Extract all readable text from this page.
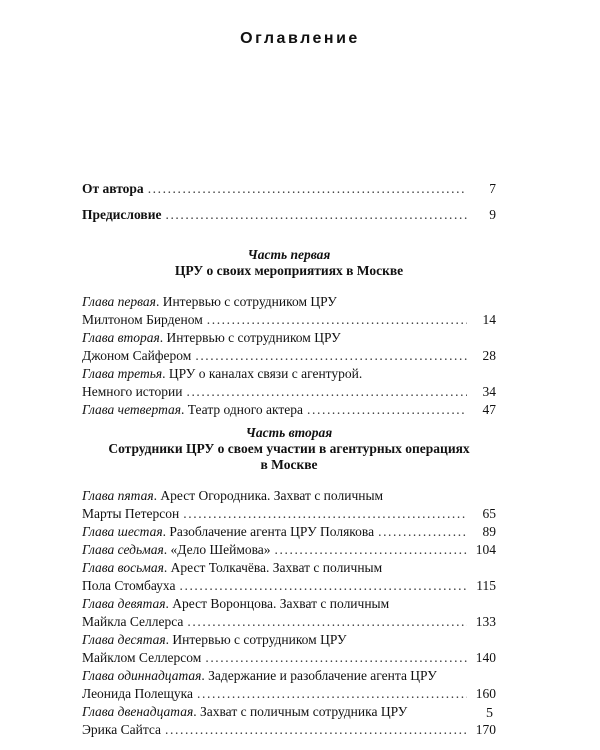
Оглавление
От автора .....	7
Предисловие .....	9
Часть первая
ЦРУ о своих мероприятиях в Москве
Глава первая. Интервью с сотрудником ЦРУ
Милтоном Бирденом .....	14
Глава вторая. Интервью с сотрудником ЦРУ
Джоном Сайфером .....	28
Глава третья. ЦРУ о каналах связи с агентурой.
Немного истории .....	34
Глава четвертая. Театр одного актера .....	47
Часть вторая
Сотрудники ЦРУ о своем участии в агентурных операциях
в Москве
Глава пятая. Арест Огородника. Захват с поличным
Марты Петерсон .....	65
Глава шестая. Разоблачение агента ЦРУ Полякова .....	89
Глава седьмая. «Дело Шеймова» .....	104
Глава восьмая. Арест Толкачёва. Захват с поличным
Пола Стомбауха .....	115
Глава девятая. Арест Воронцова. Захват с поличным
Майкла Селлерса .....	133
Глава десятая. Интервью с сотрудником ЦРУ
Майклом Селлерсом .....	140
Глава одиннадцатая. Задержание и разоблачение агента ЦРУ
Леонида Полещука .....	160
Глава двенадцатая. Захват с поличным сотрудника ЦРУ
Эрика Сайтса .....	170
5
